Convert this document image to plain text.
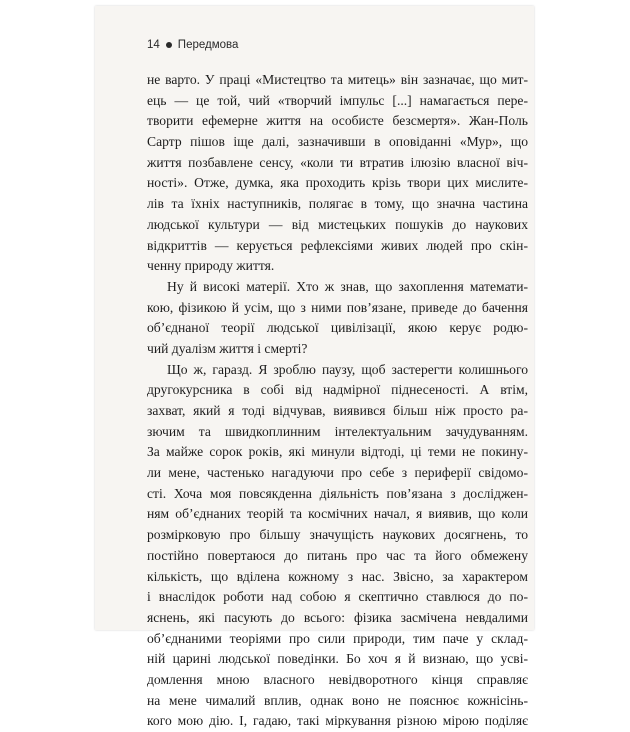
14 Передмова
не варто. У праці «Мистецтво та митець» він зазначає, що мит-
ець — це той, чий «творчий імпульс [...] намагається пере-
творити ефемерне життя на особисте безсмертя». Жан-Поль
Сартр пішов іще далі, зазначивши в оповіданні «Мур», що
життя позбавлене сенсу, «коли ти втратив ілюзію власної віч-
ності». Отже, думка, яка проходить крізь твори цих мислите-
лів та їхніх наступників, полягає в тому, що значна частина
людської культури — від мистецьких пошуків до наукових
відкриттів — керується рефлексіями живих людей про скін-
ченну природу життя.
Ну й високі матерії. Хто ж знав, що захоплення математи-
кою, фізикою й усім, що з ними пов’язане, приведе до бачення
об’єднаної теорії людської цивілізації, якою керує родю-
чий дуалізм життя і смерті?
Що ж, гаразд. Я зроблю паузу, щоб застерегти колишнього
другокурсника в собі від надмірної піднесеності. А втім,
захват, який я тоді відчував, виявився більш ніж просто ра-
зючим та швидкоплинним інтелектуальним зачудуванням.
За майже сорок років, які минули відтоді, ці теми не покину-
ли мене, частенько нагадуючи про себе з периферії свідомо-
сті. Хоча моя повсякденна діяльність пов’язана з досліджен-
ням об’єднаних теорій та космічних начал, я виявив, що коли
розмірковую про більшу значущість наукових досягнень, то
постійно повертаюся до питань про час та його обмежену
кількість, що вділена кожному з нас. Звісно, за характером
і внаслідок роботи над собою я скептично ставлюся до по-
яснень, які пасують до всього: фізика засмічена невдалими
об’єднаними теоріями про сили природи, тим паче у склад-
ній царині людської поведінки. Бо хоч я й визнаю, що усві-
домлення мною власного невідворотного кінця справляє
на мене чималий вплив, однак воно не пояснює кожнісінь-
кого мою дію. І, гадаю, такі міркування різною мірою поділяє
